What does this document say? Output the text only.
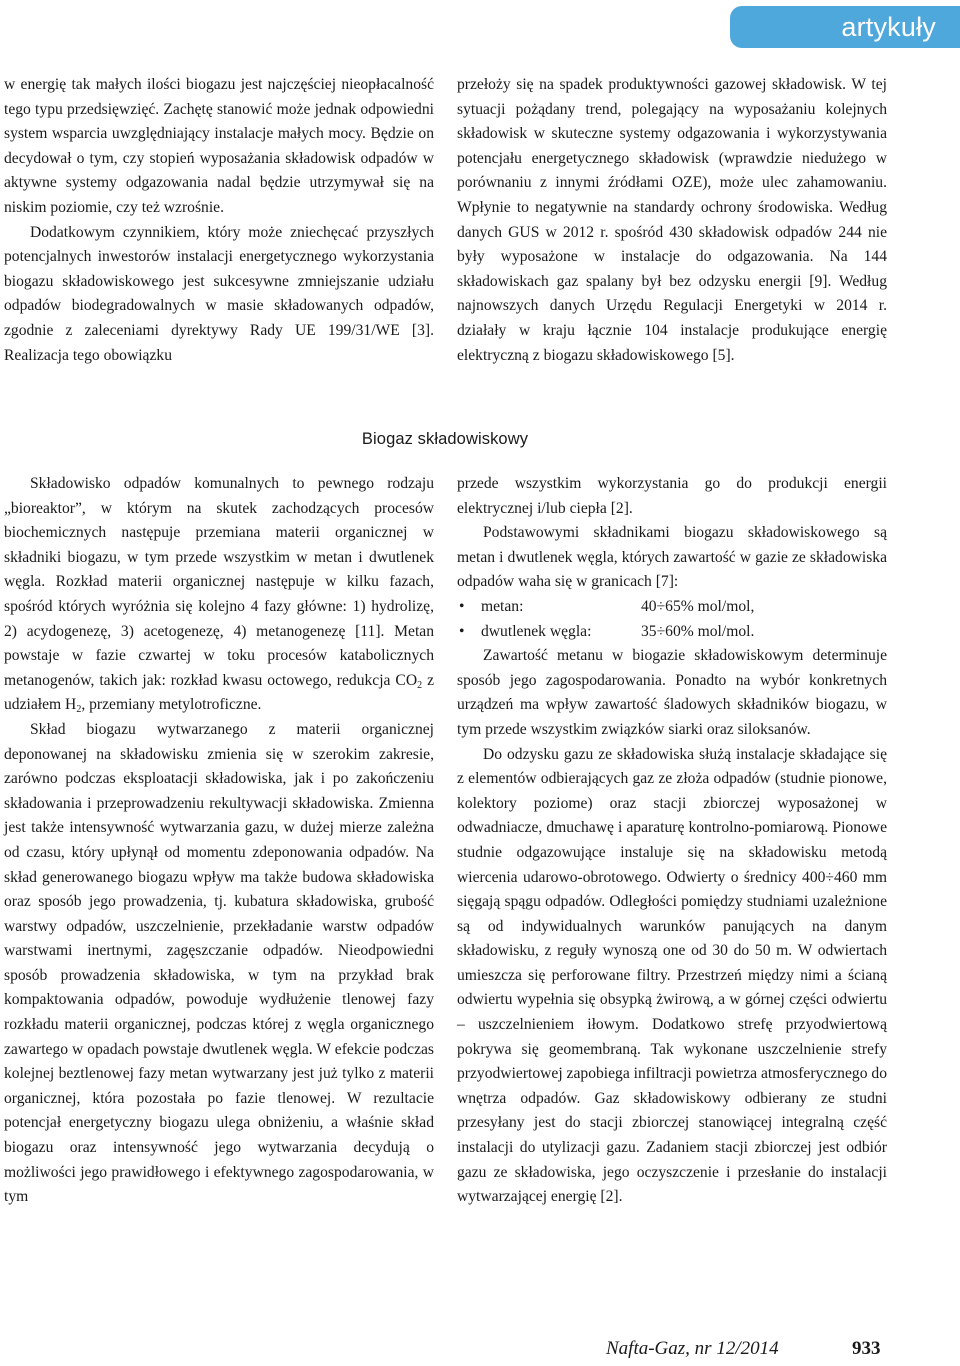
artykuły

w energię tak małych ilości biogazu jest najczęściej nieopłacalność tego typu przedsięwzięć. Zachętę stanowić może jednak odpowiedni system wsparcia uwzględniający instalacje małych mocy. Będzie on decydował o tym, czy stopień wyposażania składowisk odpadów w aktywne systemy odgazowania nadal będzie utrzymywał się na niskim poziomie, czy też wzrośnie.

Dodatkowym czynnikiem, który może zniechęcać przyszłych potencjalnych inwestorów instalacji energetycznego wykorzystania biogazu składowiskowego jest sukcesywne zmniejszanie udziału odpadów biodegradowalnych w masie składowanych odpadów, zgodnie z zaleceniami dyrektywy Rady UE 199/31/WE [3]. Realizacja tego obowiązku

przełoży się na spadek produktywności gazowej składowisk. W tej sytuacji pożądany trend, polegający na wyposażaniu kolejnych składowisk w skuteczne systemy odgazowania i wykorzystywania potencjału energetycznego składowisk (wprawdzie niedużego w porównaniu z innymi źródłami OZE), może ulec zahamowaniu. Wpłynie to negatywnie na standardy ochrony środowiska. Według danych GUS w 2012 r. spośród 430 składowisk odpadów 244 nie były wyposażone w instalacje do odgazowania. Na 144 składowiskach gaz spalany był bez odzysku energii [9]. Według najnowszych danych Urzędu Regulacji Energetyki w 2014 r. działały w kraju łącznie 104 instalacje produkujące energię elektryczną z biogazu składowiskowego [5].

Biogaz składowiskowy

Składowisko odpadów komunalnych to pewnego rodzaju „bioreaktor”, w którym na skutek zachodzących procesów biochemicznych następuje przemiana materii organicznej w składniki biogazu, w tym przede wszystkim w metan i dwutlenek węgla. Rozkład materii organicznej następuje w kilku fazach, spośród których wyróżnia się kolejno 4 fazy główne: 1) hydrolizę, 2) acydogenezę, 3) acetogenezę, 4) metanogenezę [11]. Metan powstaje w fazie czwartej w toku procesów katabolicznych metanogenów, takich jak: rozkład kwasu octowego, redukcja $CO_2$ z udziałem $H_2$, przemiany metylotroficzne.

Skład biogazu wytwarzanego z materii organicznej deponowanej na składowisku zmienia się w szerokim zakresie, zarówno podczas eksploatacji składowiska, jak i po zakończeniu składowania i przeprowadzeniu rekultywacji składowiska. Zmienna jest także intensywność wytwarzania gazu, w dużej mierze zależna od czasu, który upłynął od momentu zdeponowania odpadów. Na skład generowanego biogazu wpływ ma także budowa składowiska oraz sposób jego prowadzenia, tj. kubatura składowiska, grubość warstwy odpadów, uszczelnienie, przekładanie warstw odpadów warstwami inertnymi, zagęszczanie odpadów. Nieodpowiedni sposób prowadzenia składowiska, w tym na przykład brak kompaktowania odpadów, powoduje wydłużenie tlenowej fazy rozkładu materii organicznej, podczas której z węgla organicznego zawartego w opadach powstaje dwutlenek węgla. W efekcie podczas kolejnej beztlenowej fazy metan wytwarzany jest już tylko z materii organicznej, która pozostała po fazie tlenowej. W rezultacie potencjał energetyczny biogazu ulega obniżeniu, a właśnie skład biogazu oraz intensywność jego wytwarzania decydują o możliwości jego prawidłowego i efektywnego zagospodarowania, w tym

przede wszystkim wykorzystania go do produkcji energii elektrycznej i/lub ciepła [2].

Podstawowymi składnikami biogazu składowiskowego są metan i dwutlenek węgla, których zawartość w gazie ze składowiska odpadów waha się w granicach [7]:

• metan:	40÷65% mol/mol,
• dwutlenek węgla:	35÷60% mol/mol.

Zawartość metanu w biogazie składowiskowym determinuje sposób jego zagospodarowania. Ponadto na wybór konkretnych urządzeń ma wpływ zawartość śladowych składników biogazu, w tym przede wszystkim związków siarki oraz siloksanów.

Do odzysku gazu ze składowiska służą instalacje składające się z elementów odbierających gaz ze złoża odpadów (studnie pionowe, kolektory poziome) oraz stacji zbiorczej wyposażonej w odwadniacze, dmuchawę i aparaturę kontrolno-pomiarową. Pionowe studnie odgazowujące instaluje się na składowisku metodą wiercenia udarowo-obrotowego. Odwierty o średnicy 400÷460 mm sięgają spągu odpadów. Odległości pomiędzy studniami uzależnione są od indywidualnych warunków panujących na danym składowisku, z reguły wynoszą one od 30 do 50 m. W odwiertach umieszcza się perforowane filtry. Przestrzeń między nimi a ścianą odwiertu wypełnia się obsypką żwirową, a w górnej części odwiertu – uszczelnieniem iłowym. Dodatkowo strefę przyodwiertową pokrywa się geomembraną. Tak wykonane uszczelnienie strefy przyodwiertowej zapobiega infiltracji powietrza atmosferycznego do wnętrza odpadów. Gaz składowiskowy odbierany ze studni przesyłany jest do stacji zbiorczej stanowiącej integralną część instalacji do utylizacji gazu. Zadaniem stacji zbiorczej jest odbiór gazu ze składowiska, jego oczyszczenie i przesłanie do instalacji wytwarzającej energię [2].

Nafta-Gaz, nr 12/2014	933
